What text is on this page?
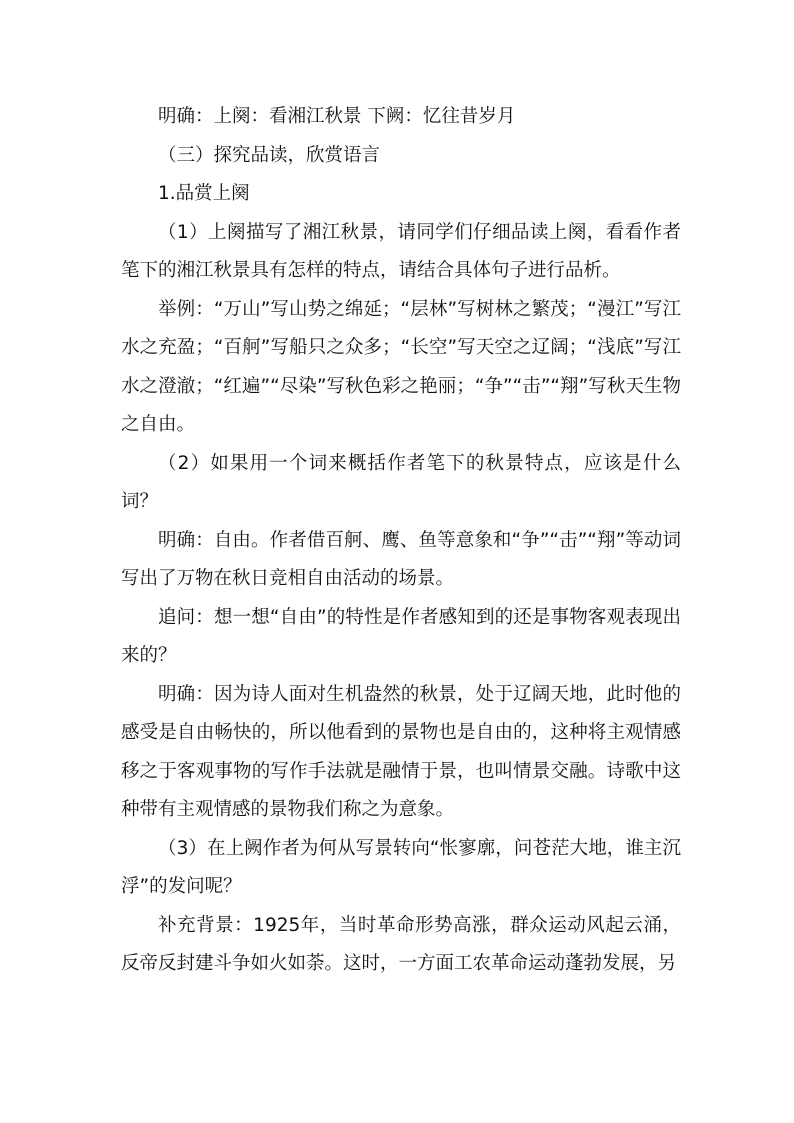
明确：上阕：看湘江秋景 下阙：忆往昔岁月

（三）探究品读，欣赏语言

1.品赏上阕

（1）上阕描写了湘江秋景，请同学们仔细品读上阕，看看作者笔下的湘江秋景具有怎样的特点，请结合具体句子进行品析。

举例：“万山”写山势之绵延；“层林”写树林之繁茂；“漫江”写江水之充盈；“百舸”写船只之众多；“长空”写天空之辽阔；“浅底”写江水之澄澈；“红遍”“尽染”写秋色彩之艳丽；“争”“击”“翔”写秋天生物之自由。

（2）如果用一个词来概括作者笔下的秋景特点，应该是什么词？

明确：自由。作者借百舸、鹰、鱼等意象和“争”“击”“翔”等动词写出了万物在秋日竞相自由活动的场景。

追问：想一想“自由”的特性是作者感知到的还是事物客观表现出来的？

明确：因为诗人面对生机盎然的秋景，处于辽阔天地，此时他的感受是自由畅快的，所以他看到的景物也是自由的，这种将主观情感移之于客观事物的写作手法就是融情于景，也叫情景交融。诗歌中这种带有主观情感的景物我们称之为意象。

（3）在上阙作者为何从写景转向“怅寥廓，问苍茫大地，谁主沉浮”的发问呢？

补充背景：1925年，当时革命形势高涨，群众运动风起云涌，反帝反封建斗争如火如荼。这时，一方面工农革命运动蓬勃发展，另
